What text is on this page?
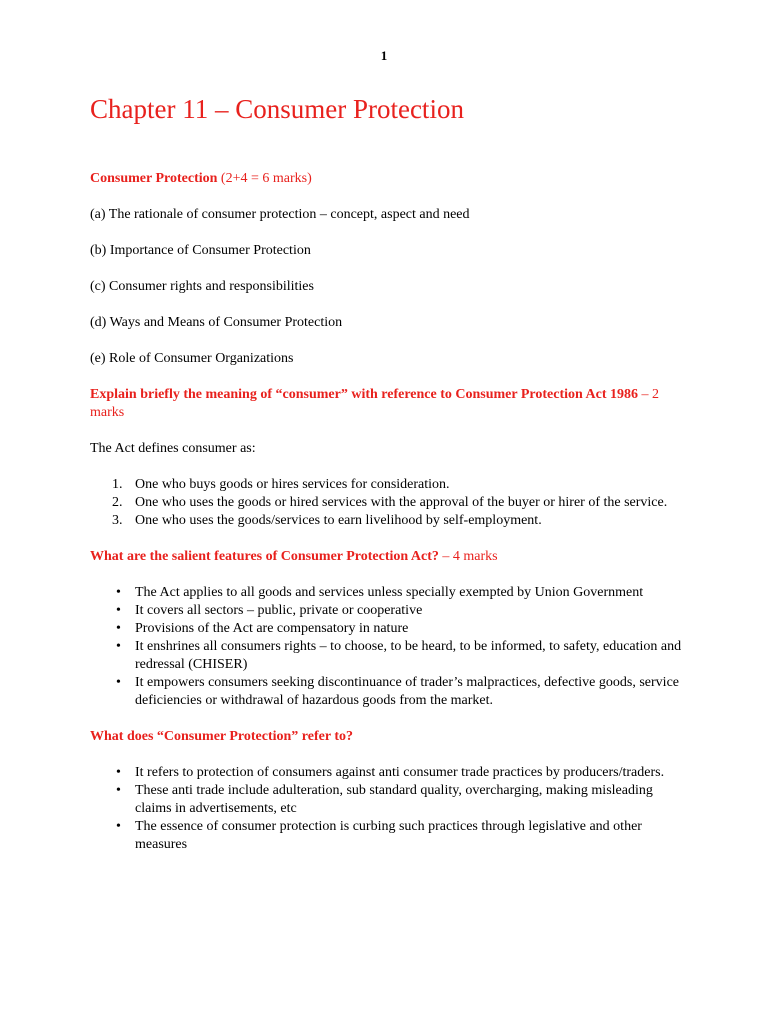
1
Chapter 11 – Consumer Protection

Consumer Protection (2+4 = 6 marks)

(a) The rationale of consumer protection – concept, aspect and need

(b) Importance of Consumer Protection

(c) Consumer rights and responsibilities

(d) Ways and Means of Consumer Protection

(e) Role of Consumer Organizations

Explain briefly the meaning of “consumer” with reference to Consumer Protection Act 1986 – 2 marks

The Act defines consumer as:

1. One who buys goods or hires services for consideration.
2. One who uses the goods or hired services with the approval of the buyer or hirer of the service.
3. One who uses the goods/services to earn livelihood by self-employment.

What are the salient features of Consumer Protection Act? – 4 marks

• The Act applies to all goods and services unless specially exempted by Union Government
• It covers all sectors – public, private or cooperative
• Provisions of the Act are compensatory in nature
• It enshrines all consumers rights – to choose, to be heard, to be informed, to safety, education and redressal (CHISER)
• It empowers consumers seeking discontinuance of trader’s malpractices, defective goods, service deficiencies or withdrawal of hazardous goods from the market.

What does “Consumer Protection” refer to?

• It refers to protection of consumers against anti consumer trade practices by producers/traders.
• These anti trade include adulteration, sub standard quality, overcharging, making misleading claims in advertisements, etc
• The essence of consumer protection is curbing such practices through legislative and other measures
